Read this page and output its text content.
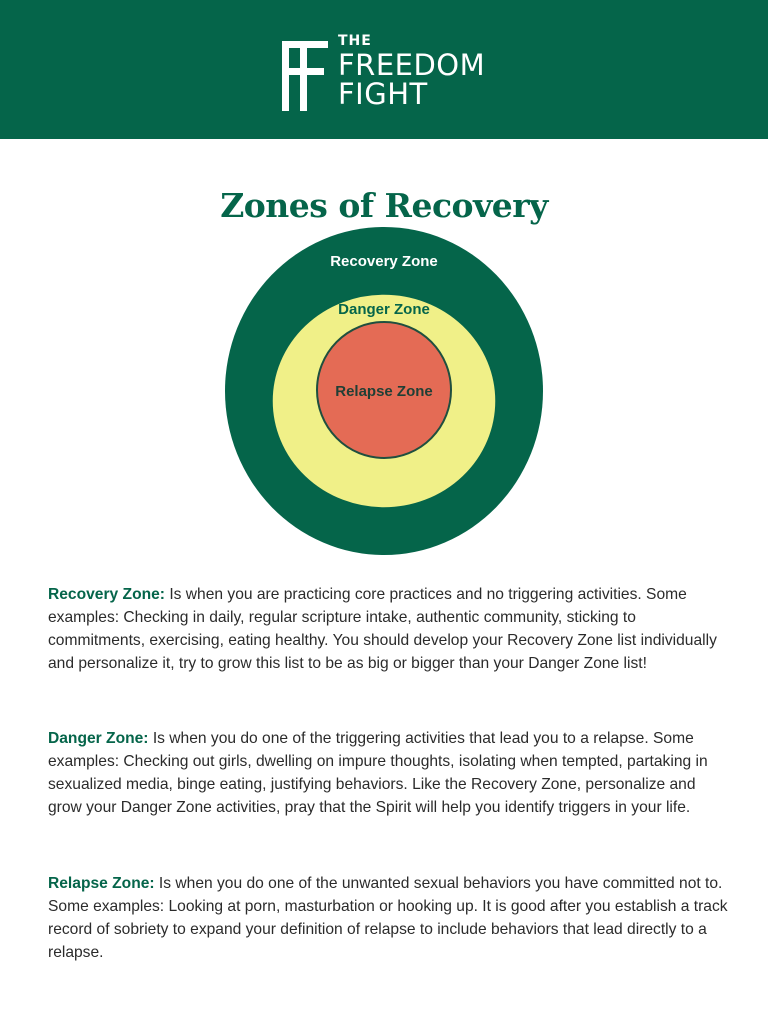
THE
FREEDOM
FIGHT
Zones of Recovery
Recovery Zone
Danger Zone
Relapse Zone

Recovery Zone: Is when you are practicing core practices and no triggering activities. Some examples: Checking in daily, regular scripture intake, authentic community, sticking to commitments, exercising, eating healthy. You should develop your Recovery Zone list individually and personalize it, try to grow this list to be as big or bigger than your Danger Zone list!

Danger Zone: Is when you do one of the triggering activities that lead you to a relapse. Some examples: Checking out girls, dwelling on impure thoughts, isolating when tempted, partaking in sexualized media, binge eating, justifying behaviors. Like the Recovery Zone, personalize and grow your Danger Zone activities, pray that the Spirit will help you identify triggers in your life.

Relapse Zone: Is when you do one of the unwanted sexual behaviors you have committed not to. Some examples: Looking at porn, masturbation or hooking up. It is good after you establish a track record of sobriety to expand your definition of relapse to include behaviors that lead directly to a relapse.
